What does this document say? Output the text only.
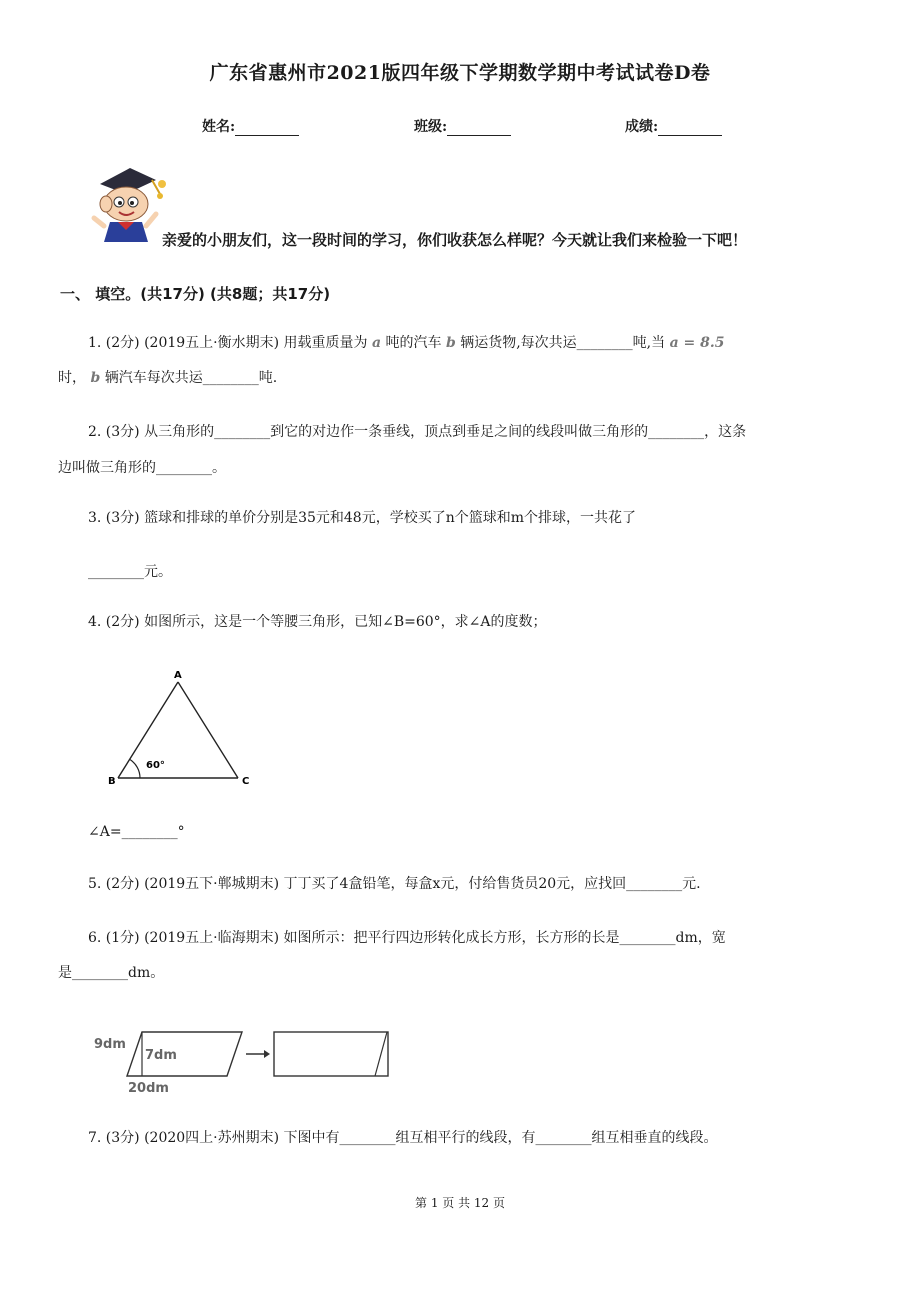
广东省惠州市2021版四年级下学期数学期中考试试卷D卷
姓名:	班级:	成绩:
亲爱的小朋友们，这一段时间的学习，你们收获怎么样呢？今天就让我们来检验一下吧！
一、 填空。(共17分) (共8题；共17分)
1. (2分) (2019五上·衡水期末) 用载重质量为 a 吨的汽车 b 辆运货物,每次共运________吨,当 a = 8.5
时， b 辆汽车每次共运________吨.
2. (3分) 从三角形的________到它的对边作一条垂线，顶点到垂足之间的线段叫做三角形的________，这条
边叫做三角形的________。
3. (3分) 篮球和排球的单价分别是35元和48元，学校买了n个篮球和m个排球，一共花了
________元。
4. (2分) 如图所示，这是一个等腰三角形，已知∠B=60°，求∠A的度数；
A
B	C
60°
∠A=________°
5. (2分) (2019五下·郸城期末) 丁丁买了4盒铅笔，每盒x元，付给售货员20元，应找回________元.
6. (1分) (2019五上·临海期末) 如图所示：把平行四边形转化成长方形，长方形的长是________dm，宽
是________dm。
9dm
7dm
20dm
7. (3分) (2020四上·苏州期末) 下图中有________组互相平行的线段，有________组互相垂直的线段。
第 1 页 共 12 页
